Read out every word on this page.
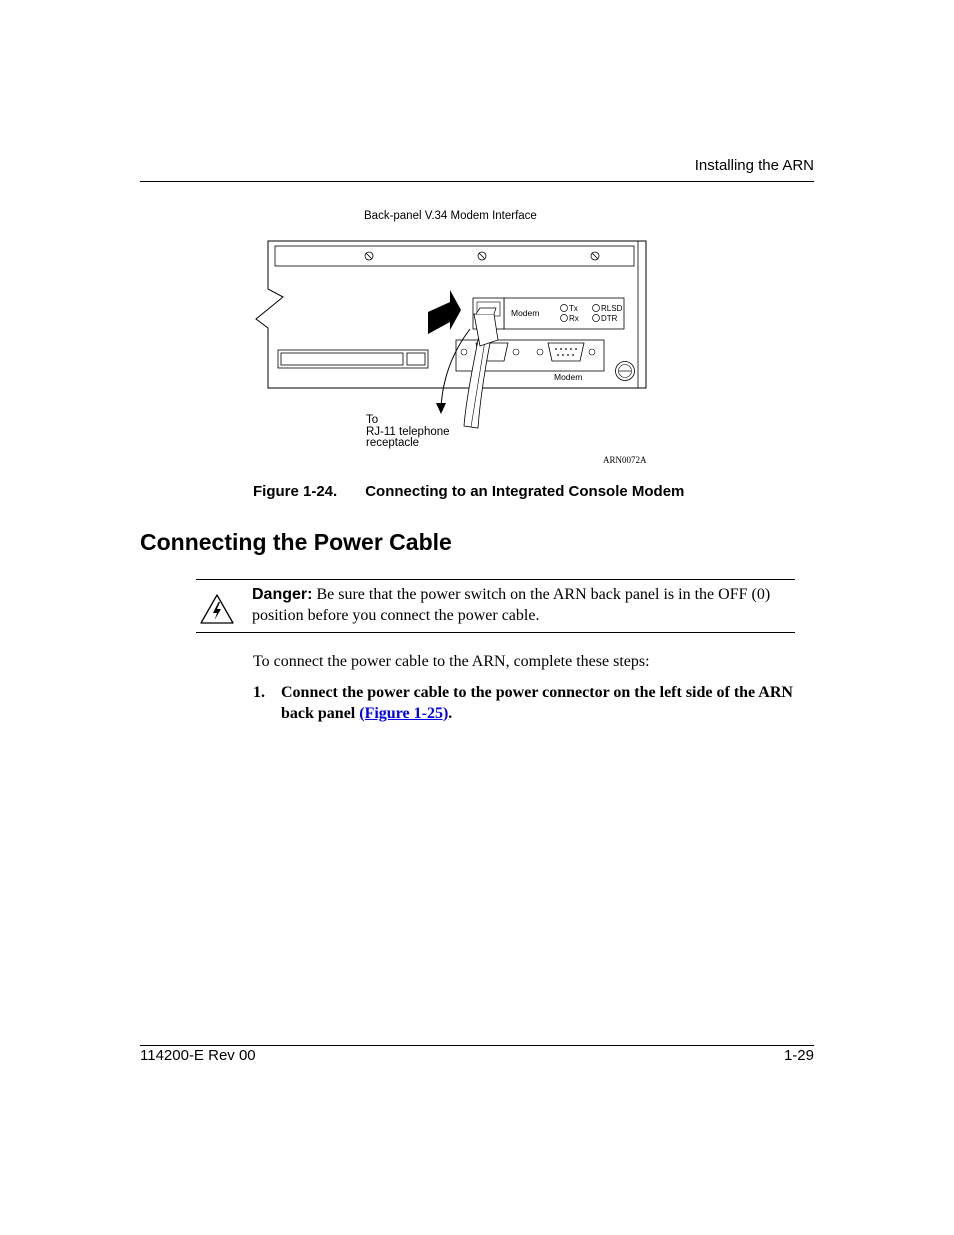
Installing the ARN
Back-panel V.34 Modem Interface
Modem	Tx
Rx
RLSD
DTR
Modem
To
RJ-11 telephone
receptacle
ARN0072A
Figure 1-24. Connecting to an Integrated Console Modem
Connecting the Power Cable
Danger: Be sure that the power switch on the ARN back panel is in the OFF (0) position before you connect the power cable.
To connect the power cable to the ARN, complete these steps:
1. Connect the power cable to the power connector on the left side of the ARN back panel (Figure 1-25).
114200-E Rev 00	1-29
